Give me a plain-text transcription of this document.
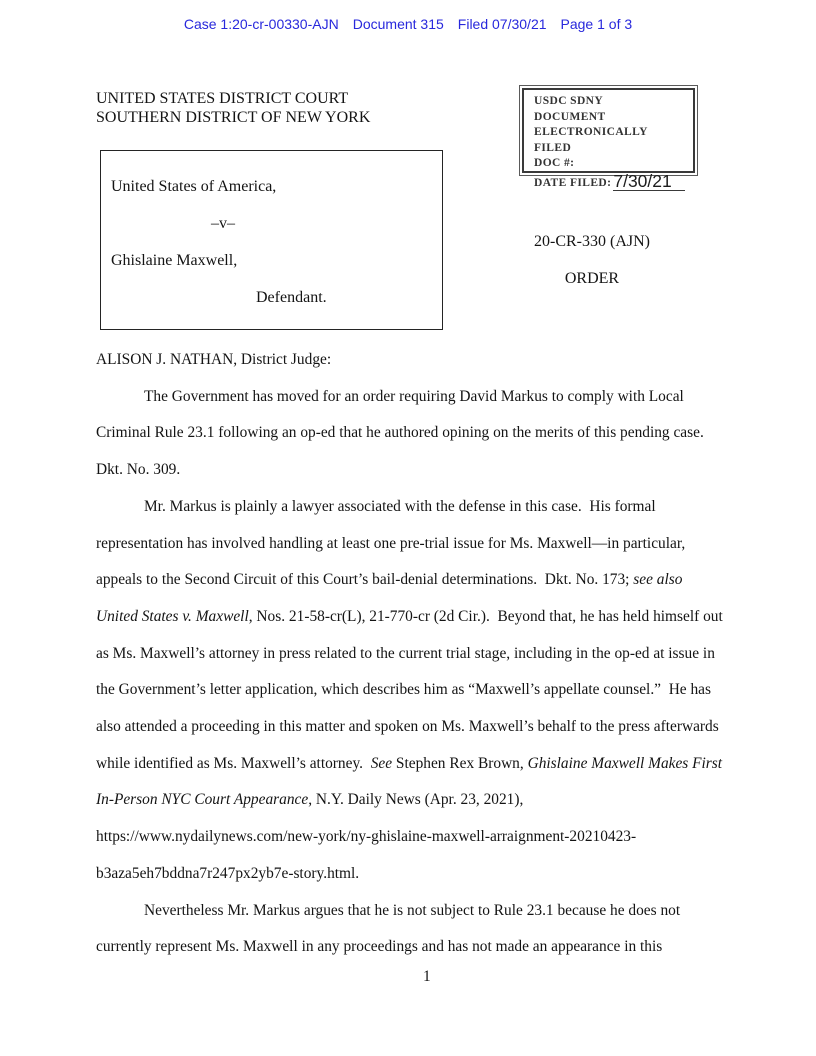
Case 1:20-cr-00330-AJN Document 315 Filed 07/30/21 Page 1 of 3
UNITED STATES DISTRICT COURT
SOUTHERN DISTRICT OF NEW YORK
USDC SDNY
DOCUMENT
ELECTRONICALLY FILED
DOC #:
DATE FILED: 7/30/21
United States of America,
–v–
Ghislaine Maxwell,
Defendant.
20-CR-330 (AJN)
ORDER
ALISON J. NATHAN, District Judge:

The Government has moved for an order requiring David Markus to comply with Local Criminal Rule 23.1 following an op-ed that he authored opining on the merits of this pending case.  Dkt. No. 309.

Mr. Markus is plainly a lawyer associated with the defense in this case.  His formal representation has involved handling at least one pre-trial issue for Ms. Maxwell—in particular, appeals to the Second Circuit of this Court’s bail-denial determinations.  Dkt. No. 173; see also United States v. Maxwell, Nos. 21-58-cr(L), 21-770-cr (2d Cir.).  Beyond that, he has held himself out as Ms. Maxwell’s attorney in press related to the current trial stage, including in the op-ed at issue in the Government’s letter application, which describes him as “Maxwell’s appellate counsel.”  He has also attended a proceeding in this matter and spoken on Ms. Maxwell’s behalf to the press afterwards while identified as Ms. Maxwell’s attorney.  See Stephen Rex Brown, Ghislaine Maxwell Makes First In-Person NYC Court Appearance, N.Y. Daily News (Apr. 23, 2021), https://www.nydailynews.com/new-york/ny-ghislaine-maxwell-arraignment-20210423-b3aza5eh7bddna7r247px2yb7e-story.html.

Nevertheless Mr. Markus argues that he is not subject to Rule 23.1 because he does not currently represent Ms. Maxwell in any proceedings and has not made an appearance in this

1
